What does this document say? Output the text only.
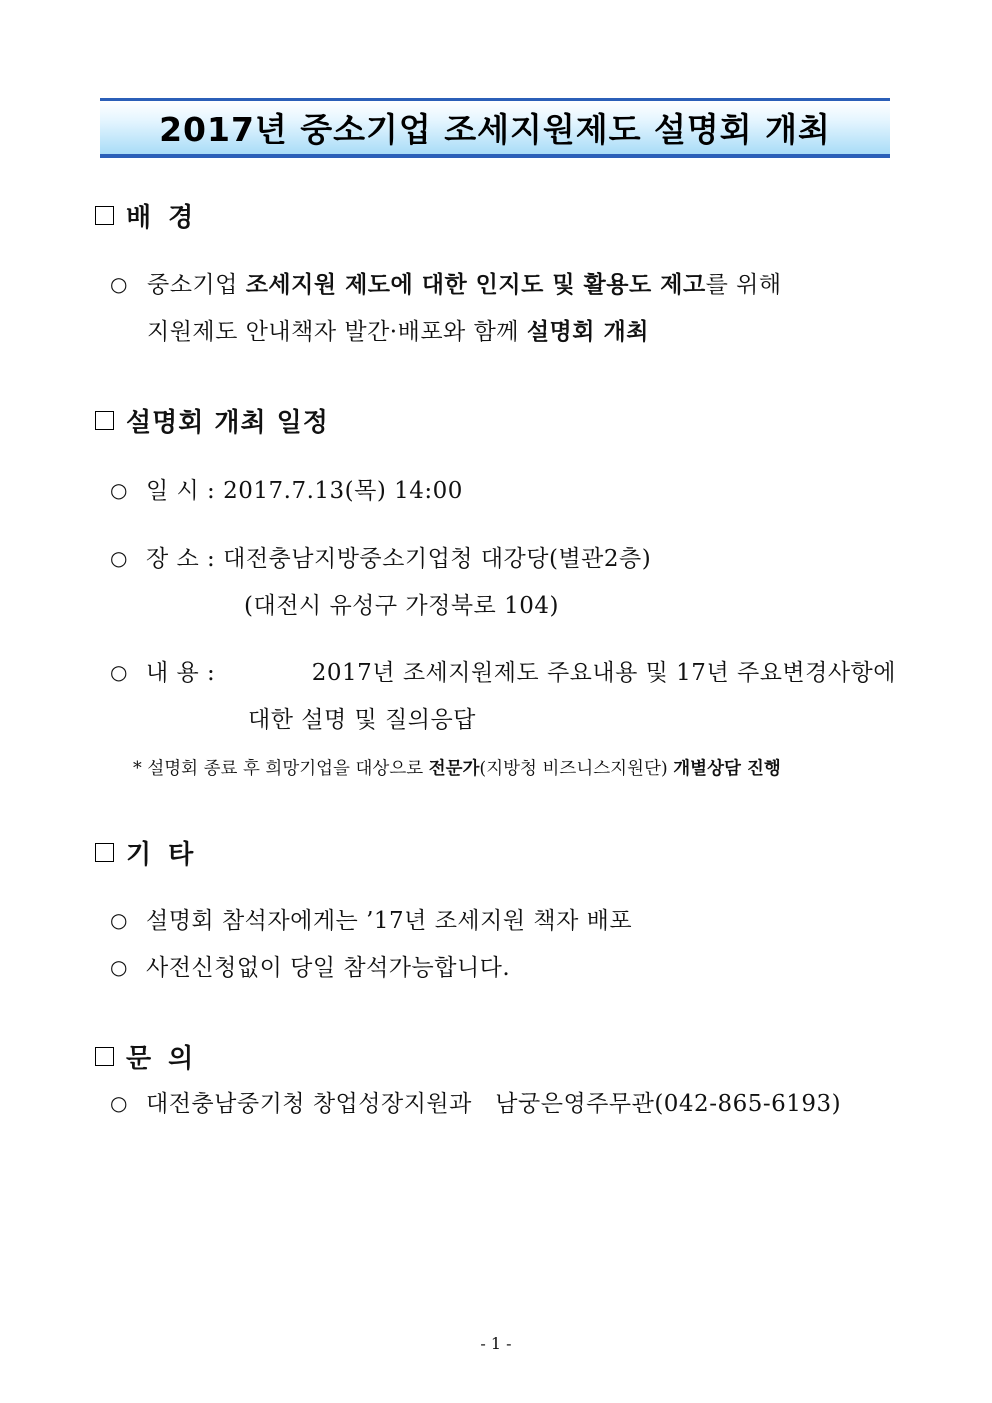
2017년 중소기업 조세지원제도 설명회 개최
배 경
○ 중소기업 조세지원 제도에 대한 인지도 및 활용도 제고를 위해
지원제도 안내책자 발간·배포와 함께 설명회 개최
설명회 개최 일정
○ 일 시 : 2017.7.13(목) 14:00
○ 장 소 : 대전충남지방중소기업청 대강당(별관2층)
(대전시 유성구 가정북로 104)
○ 내 용 :	2017년 조세지원제도 주요내용 및 17년 주요변경사항에
대한 설명 및 질의응답
* 설명회 종료 후 희망기업을 대상으로 전문가(지방청 비즈니스지원단) 개별상담 진행
기 타
○ 설명회 참석자에게는 ’17년 조세지원 책자 배포
○ 사전신청없이 당일 참석가능합니다.
문 의
○ 대전충남중기청 창업성장지원과   남궁은영주무관(042-865-6193)
- 1 -
